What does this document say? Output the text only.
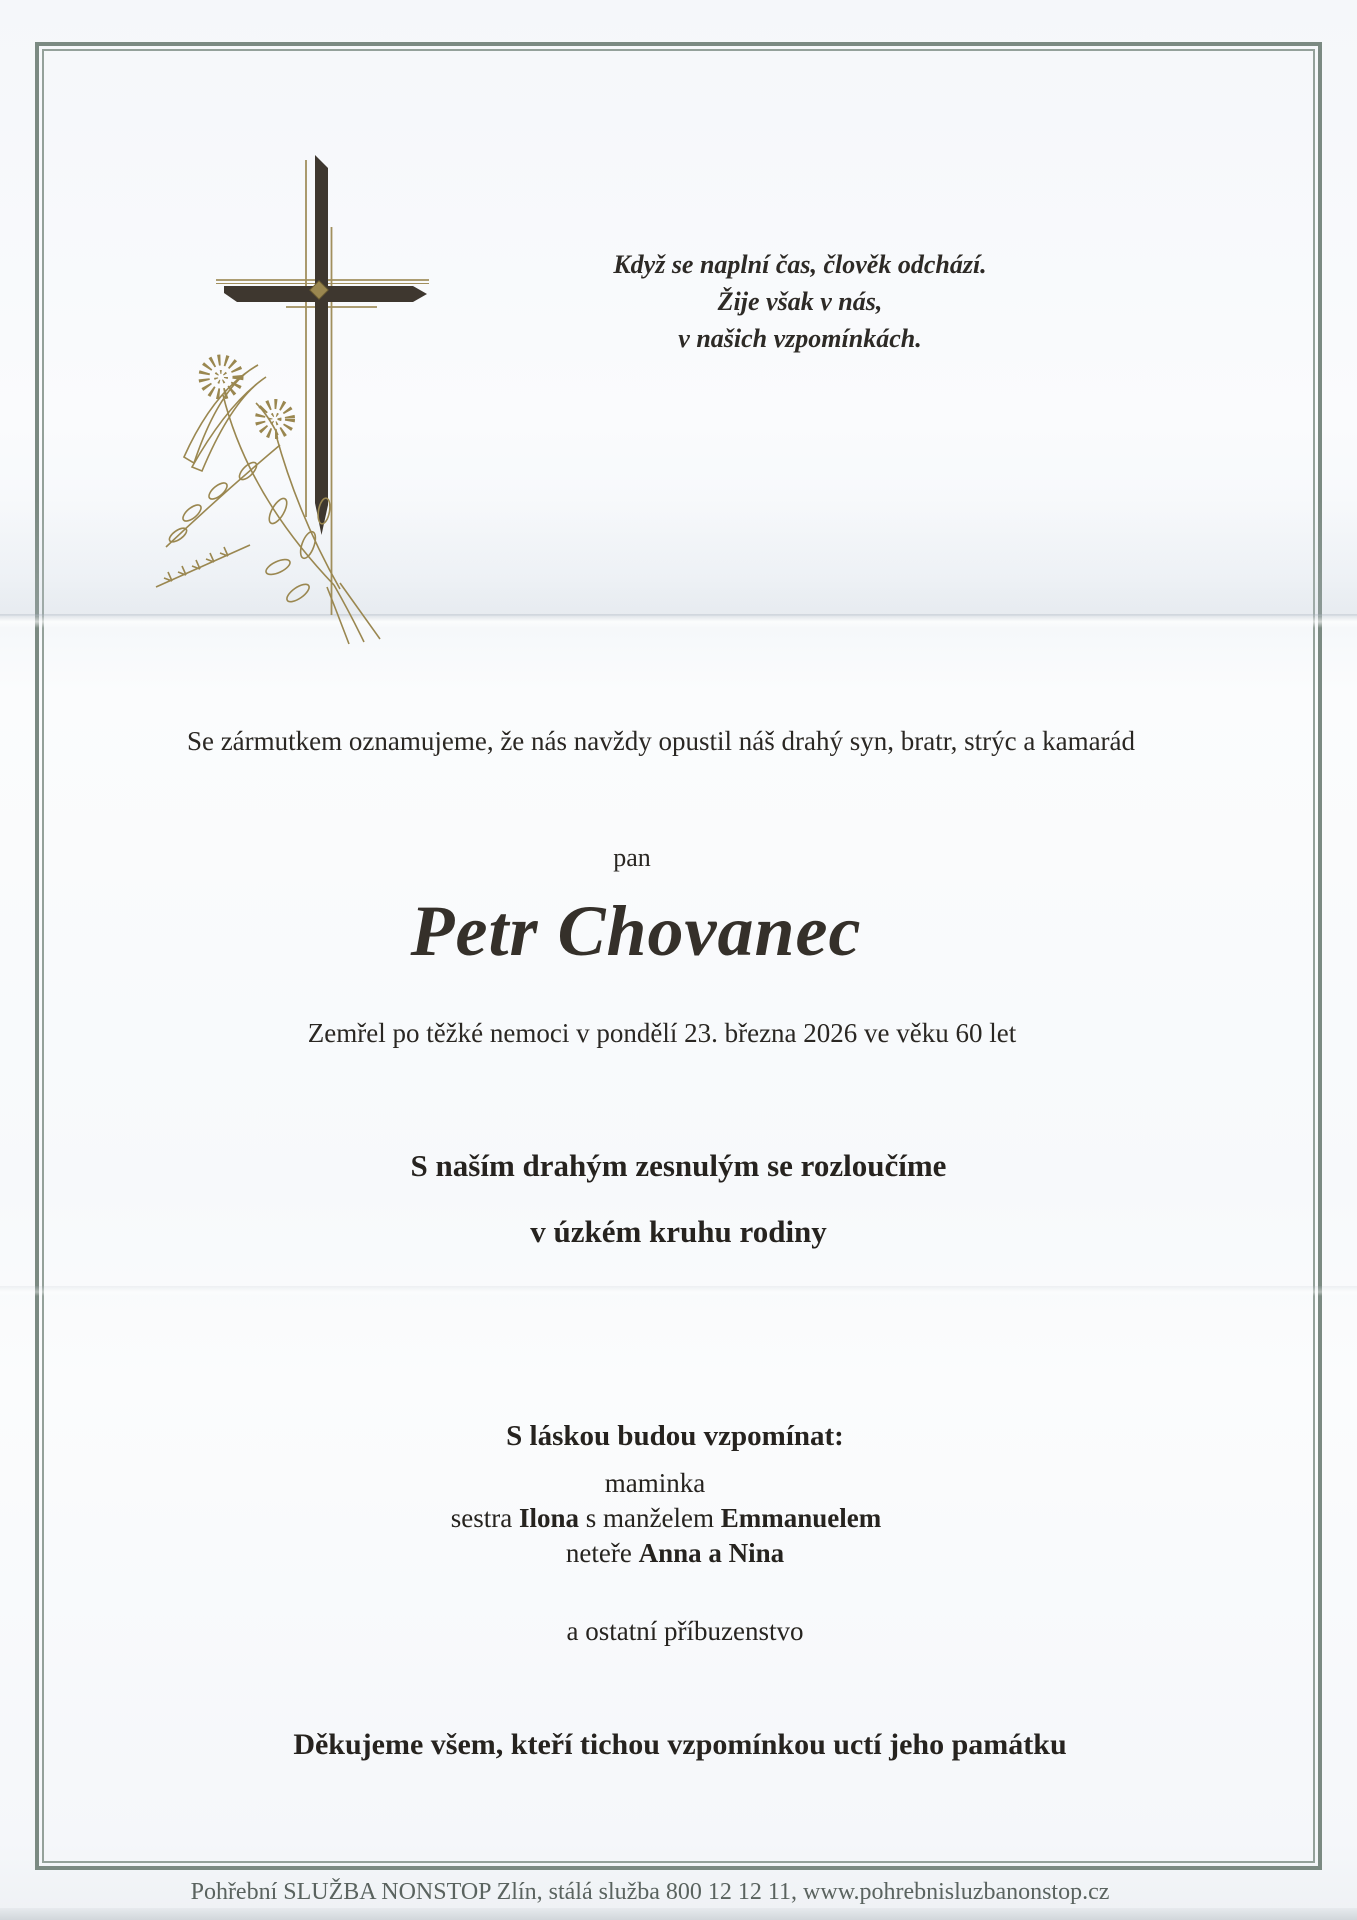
Když se naplní čas, člověk odchází.
Žije však v nás,
v našich vzpomínkách.
Se zármutkem oznamujeme, že nás navždy opustil náš drahý syn, bratr, strýc a kamarád
pan
Petr Chovanec
Zemřel po těžké nemoci v pondělí 23. března 2026 ve věku 60 let
S naším drahým zesnulým se rozloučíme
v úzkém kruhu rodiny
S láskou budou vzpomínat:
maminka
sestra Ilona s manželem Emmanuelem
neteře Anna a Nina
a ostatní příbuzenstvo
Děkujeme všem, kteří tichou vzpomínkou uctí jeho památku
Pohřební SLUŽBA NONSTOP Zlín, stálá služba 800 12 12 11, www.pohrebnisluzbanonstop.cz
